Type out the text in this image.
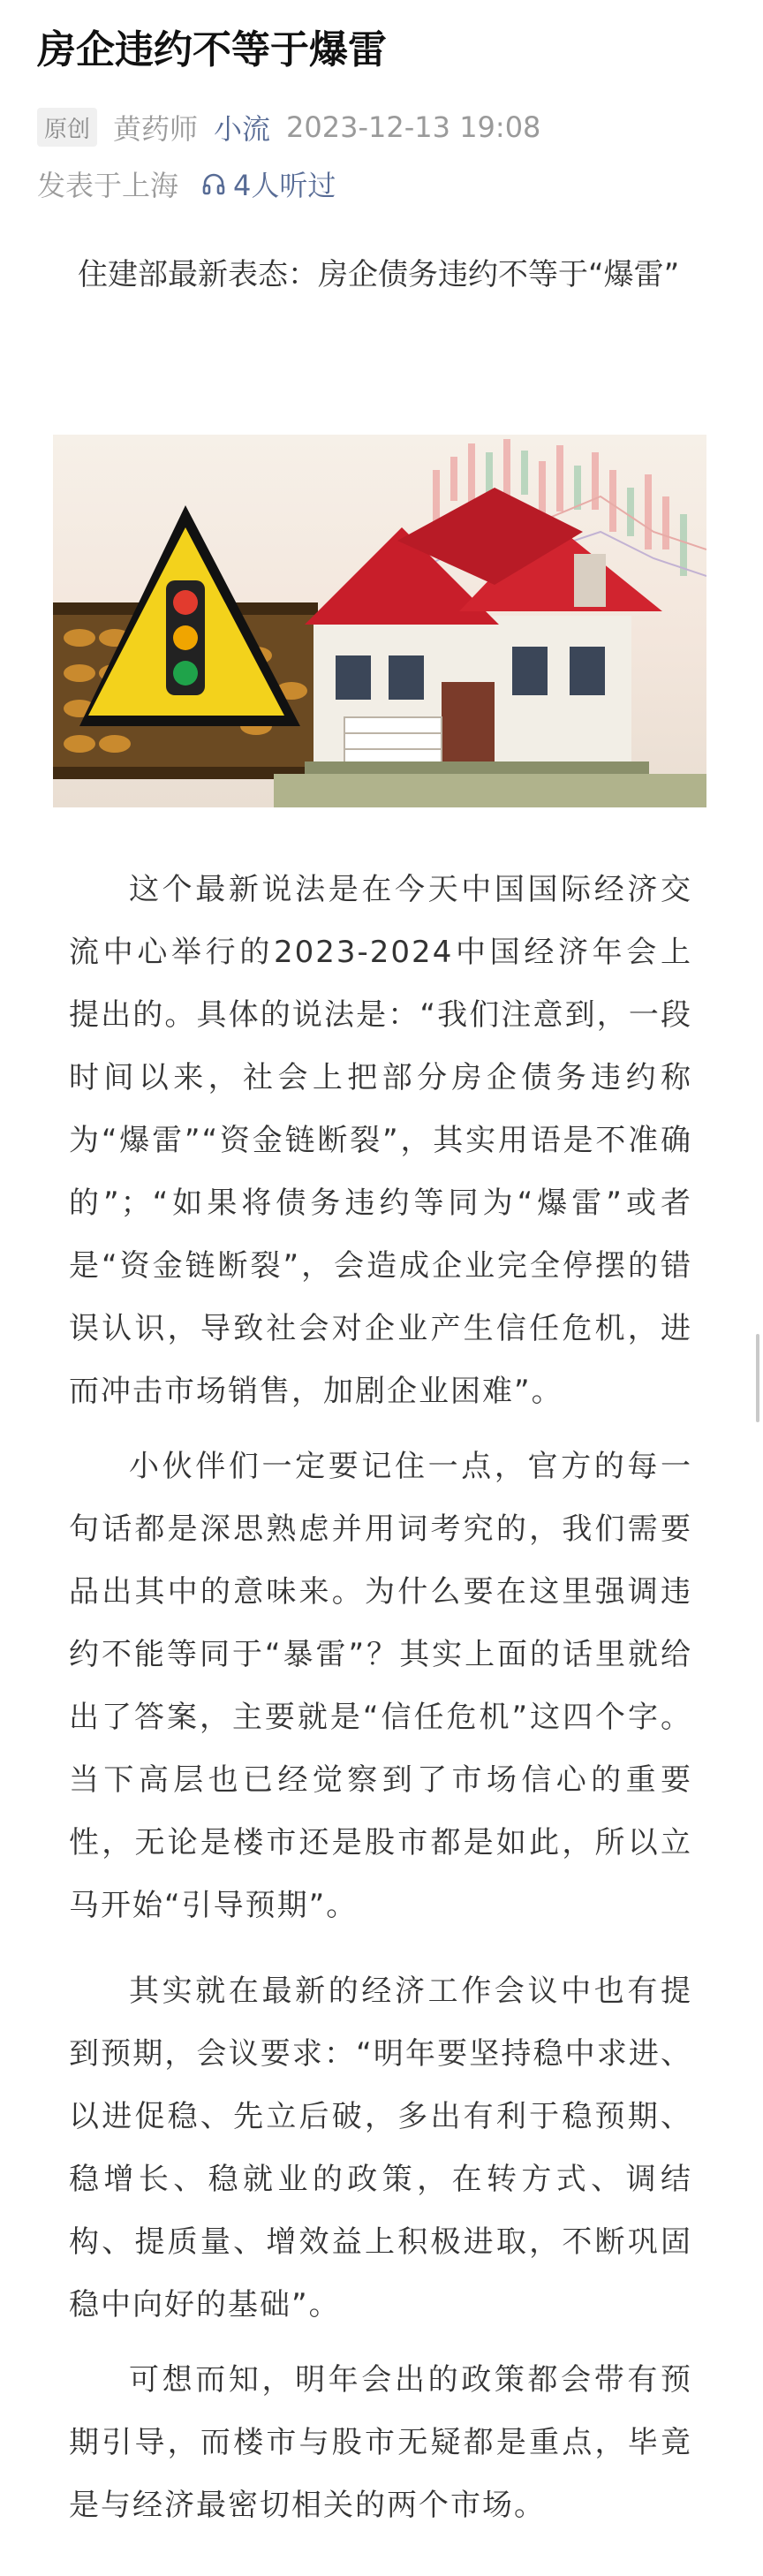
房企违约不等于爆雷
原创 黄药师 小流 2023-12-13 19:08
发表于上海 4人听过
住建部最新表态：房企债务违约不等于“爆雷”

这个最新说法是在今天中国国际经济交流中心举行的2023-2024中国经济年会上提出的。具体的说法是：“我们注意到，一段时间以来，社会上把部分房企债务违约称为“爆雷”“资金链断裂”，其实用语是不准确的”；“如果将债务违约等同为“爆雷”或者是“资金链断裂”，会造成企业完全停摆的错误认识，导致社会对企业产生信任危机，进而冲击市场销售，加剧企业困难”。

小伙伴们一定要记住一点，官方的每一句话都是深思熟虑并用词考究的，我们需要品出其中的意味来。为什么要在这里强调违约不能等同于“暴雷”？其实上面的话里就给出了答案，主要就是“信任危机”这四个字。当下高层也已经觉察到了市场信心的重要性，无论是楼市还是股市都是如此，所以立马开始“引导预期”。

其实就在最新的经济工作会议中也有提到预期，会议要求：“明年要坚持稳中求进、以进促稳、先立后破，多出有利于稳预期、稳增长、稳就业的政策，在转方式、调结构、提质量、增效益上积极进取，不断巩固稳中向好的基础”。

可想而知，明年会出的政策都会带有预期引导，而楼市与股市无疑都是重点，毕竟是与经济最密切相关的两个市场。
